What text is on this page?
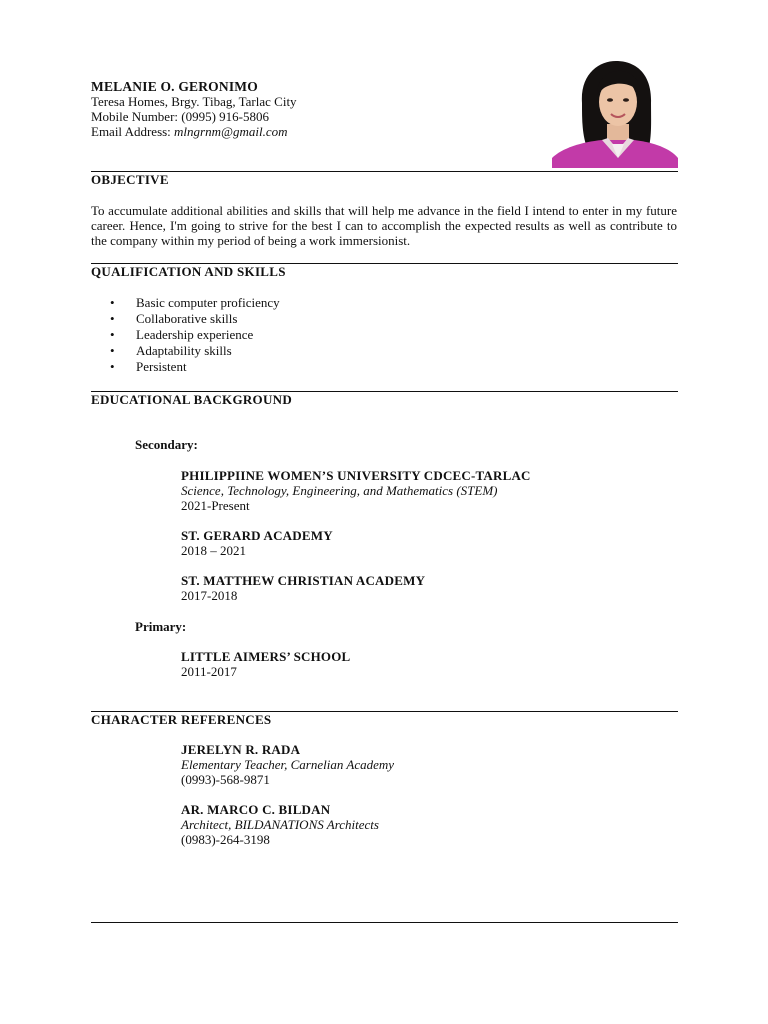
MELANIE O. GERONIMO
Teresa Homes, Brgy. Tibag, Tarlac City
Mobile Number: (0995) 916-5806
Email Address: mlngrnm@gmail.com
OBJECTIVE
To accumulate additional abilities and skills that will help me advance in the field I intend to enter in my future career. Hence, I'm going to strive for the best I can to accomplish the expected results as well as contribute to the company within my period of being a work immersionist.
QUALIFICATION AND SKILLS
• Basic computer proficiency
• Collaborative skills
• Leadership experience
• Adaptability skills
• Persistent
EDUCATIONAL BACKGROUND
Secondary:
PHILIPPIINE WOMEN’S UNIVERSITY CDCEC-TARLAC
Science, Technology, Engineering, and Mathematics (STEM)
2021-Present
ST. GERARD ACADEMY
2018 – 2021
ST. MATTHEW CHRISTIAN ACADEMY
2017-2018
Primary:
LITTLE AIMERS’ SCHOOL
2011-2017
CHARACTER REFERENCES
JERELYN R. RADA
Elementary Teacher, Carnelian Academy
(0993)-568-9871
AR. MARCO C. BILDAN
Architect, BILDANATIONS Architects
(0983)-264-3198
